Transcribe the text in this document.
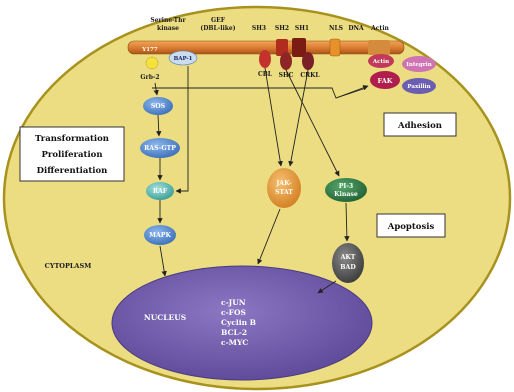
Serine-Thr
kinase
GEF
(DBL-like)	SH3 SH2 SH1	NLS DNA Actin
Y177
BAP-1
Grb-2	CBL SHC CRKL
Actin	Integrin
FAK
Paxillin
SOS
RAS-GTP
RAF
MAPK
JAK-
STAT
PI-3
Kinase
AKT
BAD
Transformation
Proliferation
Differentiation
Adhesion
Apoptosis
CYTOPLASM
NUCLEUS
c-JUN
c-FOS
Cyclin B
BCL-2
c-MYC
